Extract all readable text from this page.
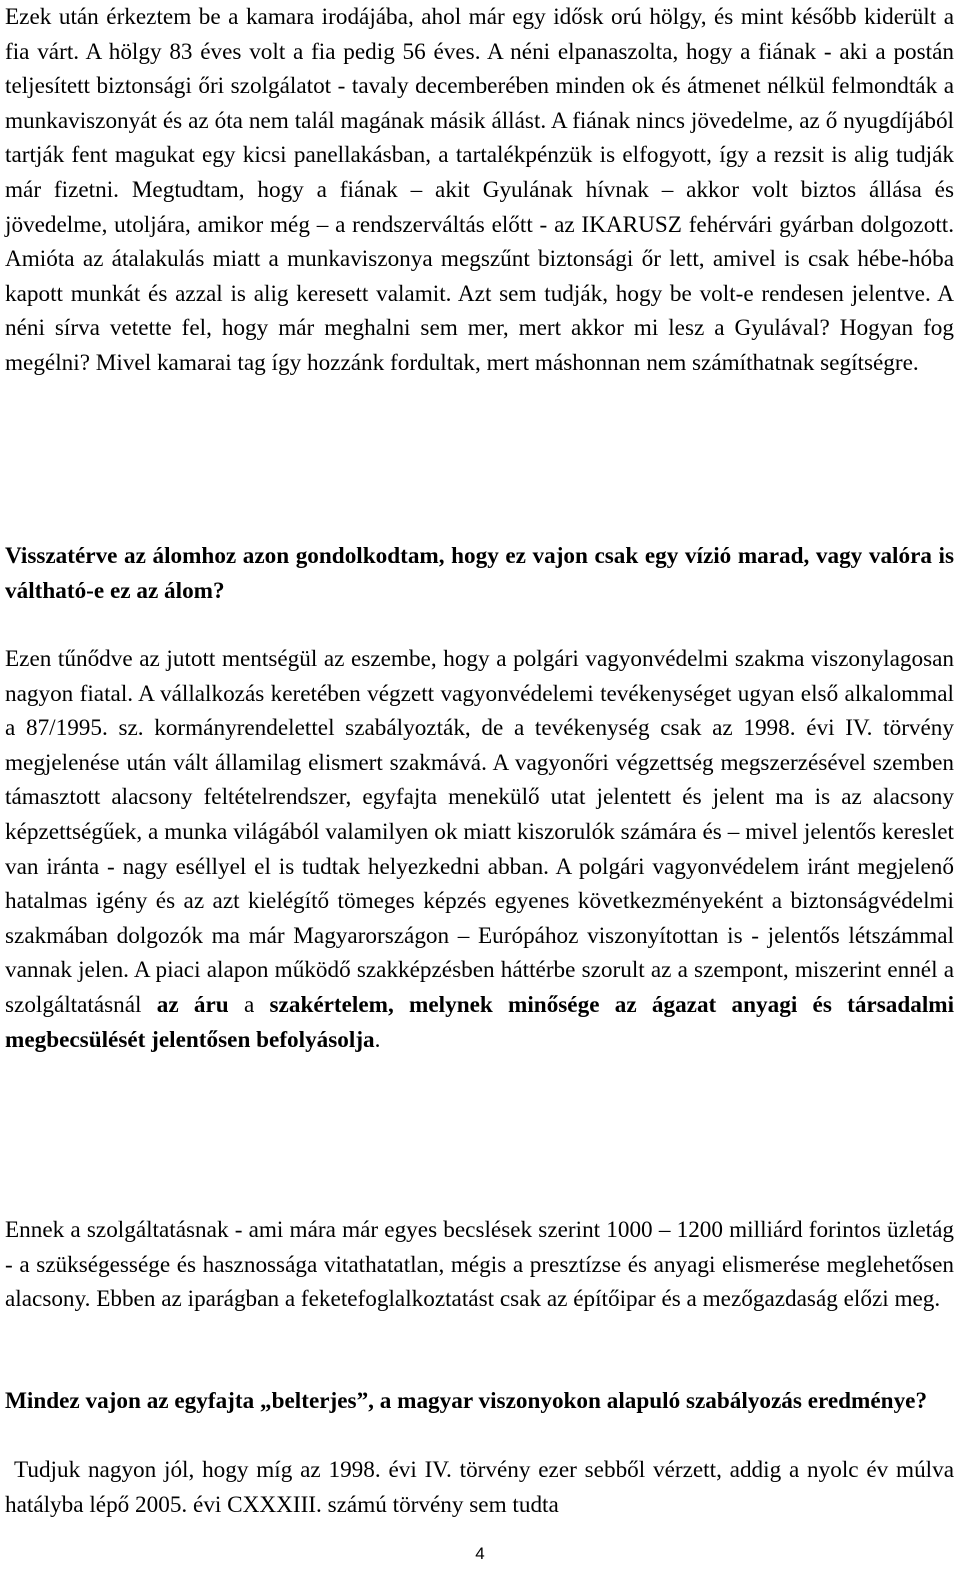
Ezek után érkeztem be a kamara irodájába, ahol már egy idősk orú hölgy, és mint később kiderült a fia várt. A hölgy 83 éves volt a fia pedig 56 éves. A néni elpanaszolta, hogy a fiának - aki a postán teljesített biztonsági őri szolgálatot - tavaly decemberében minden ok és átmenet nélkül felmondták a munkaviszonyát és az óta nem talál magának másik állást. A fiának nincs jövedelme, az ő nyugdíjából tartják fent magukat egy kicsi panellakásban, a tartalékpénzük is elfogyott, így a rezsit is alig tudják már fizetni. Megtudtam, hogy a fiának – akit Gyulának hívnak – akkor volt biztos állása és jövedelme, utoljára, amikor még – a rendszerváltás előtt - az IKARUSZ fehérvári gyárban dolgozott. Amióta az átalakulás miatt a munkaviszonya megszűnt biztonsági őr lett, amivel is csak hébe-hóba kapott munkát és azzal is alig keresett valamit. Azt sem tudják, hogy be volt-e rendesen jelentve. A néni sírva vetette fel, hogy már meghalni sem mer, mert akkor mi lesz a Gyulával? Hogyan fog megélni? Mivel kamarai tag így hozzánk fordultak, mert máshonnan nem számíthatnak segítségre.

Visszatérve az álomhoz azon gondolkodtam, hogy ez vajon csak egy vízió marad, vagy valóra is váltható-e ez az álom?

Ezen tűnődve az jutott mentségül az eszembe, hogy a polgári vagyonvédelmi szakma viszonylagosan nagyon fiatal. A vállalkozás keretében végzett vagyonvédelemi tevékenységet ugyan első alkalommal a 87/1995. sz. kormányrendelettel szabályozták, de a tevékenység csak az 1998. évi IV. törvény megjelenése után vált államilag elismert szakmává. A vagyonőri végzettség megszerzésével szemben támasztott alacsony feltételrendszer, egyfajta menekülő utat jelentett és jelent ma is az alacsony képzettségűek, a munka világából valamilyen ok miatt kiszorulók számára és – mivel jelentős kereslet van iránta - nagy eséllyel el is tudtak helyezkedni abban. A polgári vagyonvédelem iránt megjelenő hatalmas igény és az azt kielégítő tömeges képzés egyenes következményeként a biztonságvédelmi szakmában dolgozók ma már Magyarországon – Európához viszonyítottan is - jelentős létszámmal vannak jelen. A piaci alapon működő szakképzésben háttérbe szorult az a szempont, miszerint ennél a szolgáltatásnál az áru a szakértelem, melynek minősége az ágazat anyagi és társadalmi megbecsülését jelentősen befolyásolja.

Ennek a szolgáltatásnak - ami mára már egyes becslések szerint 1000 – 1200 milliárd forintos üzletág - a szükségessége és hasznossága vitathatatlan, mégis a presztízse és anyagi elismerése meglehetősen alacsony. Ebben az iparágban a feketefoglalkoztatást csak az építőipar és a mezőgazdaság előzi meg.

Mindez vajon az egyfajta „belterjes”, a magyar viszonyokon alapuló szabályozás eredménye?

Tudjuk nagyon jól, hogy míg az 1998. évi IV. törvény ezer sebből vérzett, addig a nyolc év múlva hatályba lépő 2005. évi CXXXIII. számú törvény sem tudta

4
